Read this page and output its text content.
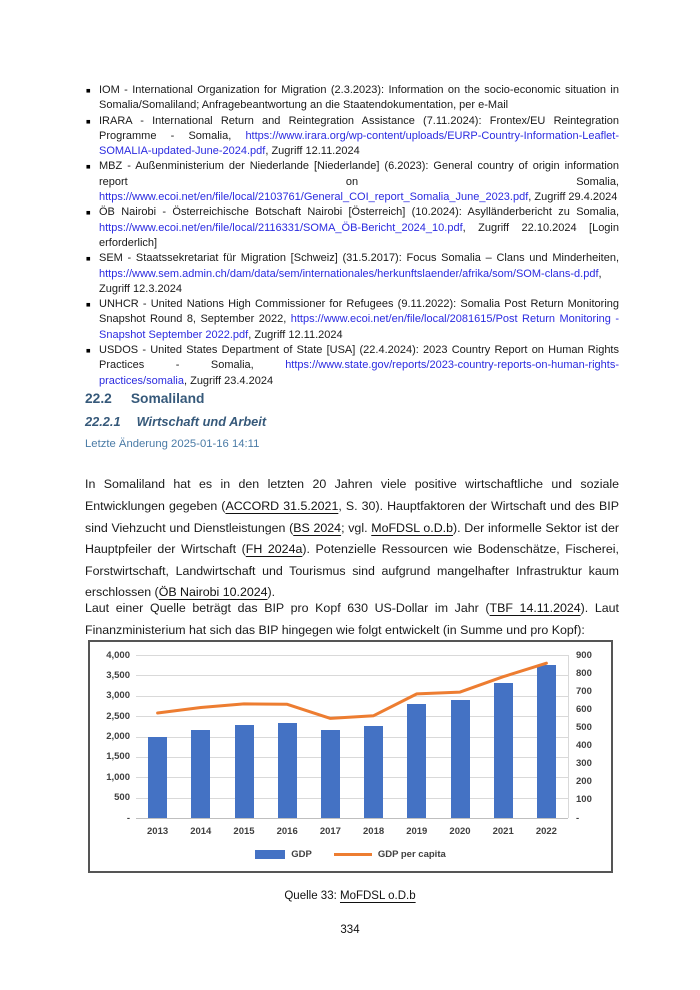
■ IOM - International Organization for Migration (2.3.2023): Information on the socio-economic situation in Somalia/Somaliland; Anfragebeantwortung an die Staatendokumentation, per e-Mail
■ IRARA - International Return and Reintegration Assistance (7.11.2024): Frontex/EU Reintegration Programme - Somalia, https://www.irara.org/wp-content/uploads/EURP-Country-Information-Leaflet-SOMALIA-updated-June-2024.pdf, Zugriff 12.11.2024
■ MBZ - Außenministerium der Niederlande [Niederlande] (6.2023): General country of origin information report on Somalia, https://www.ecoi.net/en/file/local/2103761/General_COI_report_Somalia_June_2023.pdf, Zugriff 29.4.2024
■ ÖB Nairobi - Österreichische Botschaft Nairobi [Österreich] (10.2024): Asylländerbericht zu Somalia, https://www.ecoi.net/en/file/local/2116331/SOMA_ÖB-Bericht_2024_10.pdf, Zugriff 22.10.2024 [Login erforderlich]
■ SEM - Staatssekretariat für Migration [Schweiz] (31.5.2017): Focus Somalia – Clans und Minderheiten, https://www.sem.admin.ch/dam/data/sem/internationales/herkunftslaender/afrika/som/SOM-clans-d.pdf, Zugriff 12.3.2024
■ UNHCR - United Nations High Commissioner for Refugees (9.11.2022): Somalia Post Return Monitoring Snapshot Round 8, September 2022, https://www.ecoi.net/en/file/local/2081615/Post Return Monitoring - Snapshot September 2022.pdf, Zugriff 12.11.2024
■ USDOS - United States Department of State [USA] (22.4.2024): 2023 Country Report on Human Rights Practices - Somalia, https://www.state.gov/reports/2023-country-reports-on-human-rights-practices/somalia, Zugriff 23.4.2024
22.2 Somaliland
22.2.1 Wirtschaft und Arbeit
Letzte Änderung 2025-01-16 14:11

In Somaliland hat es in den letzten 20 Jahren viele positive wirtschaftliche und soziale Entwicklungen gegeben (ACCORD 31.5.2021, S. 30). Hauptfaktoren der Wirtschaft und des BIP sind Viehzucht und Dienstleistungen (BS 2024; vgl. MoFDSL o.D.b). Der informelle Sektor ist der Hauptpfeiler der Wirtschaft (FH 2024a). Potenzielle Ressourcen wie Bodenschätze, Fischerei, Forstwirtschaft, Landwirtschaft und Tourismus sind aufgrund mangelhafter Infrastruktur kaum erschlossen (ÖB Nairobi 10.2024).

Laut einer Quelle beträgt das BIP pro Kopf 630 US-Dollar im Jahr (TBF 14.11.2024). Laut Finanzministerium hat sich das BIP hingegen wie folgt entwickelt (in Summe und pro Kopf):

4,000
3,500
3,000
2,500
2,000
1,500
1,000
500
-
900
800
700
600
500
400
300
200
100
-
2013	2014	2015	2016	2017	2018	2019	2020	2021	2022
GDP	GDP per capita
Quelle 33: MoFDSL o.D.b
334
